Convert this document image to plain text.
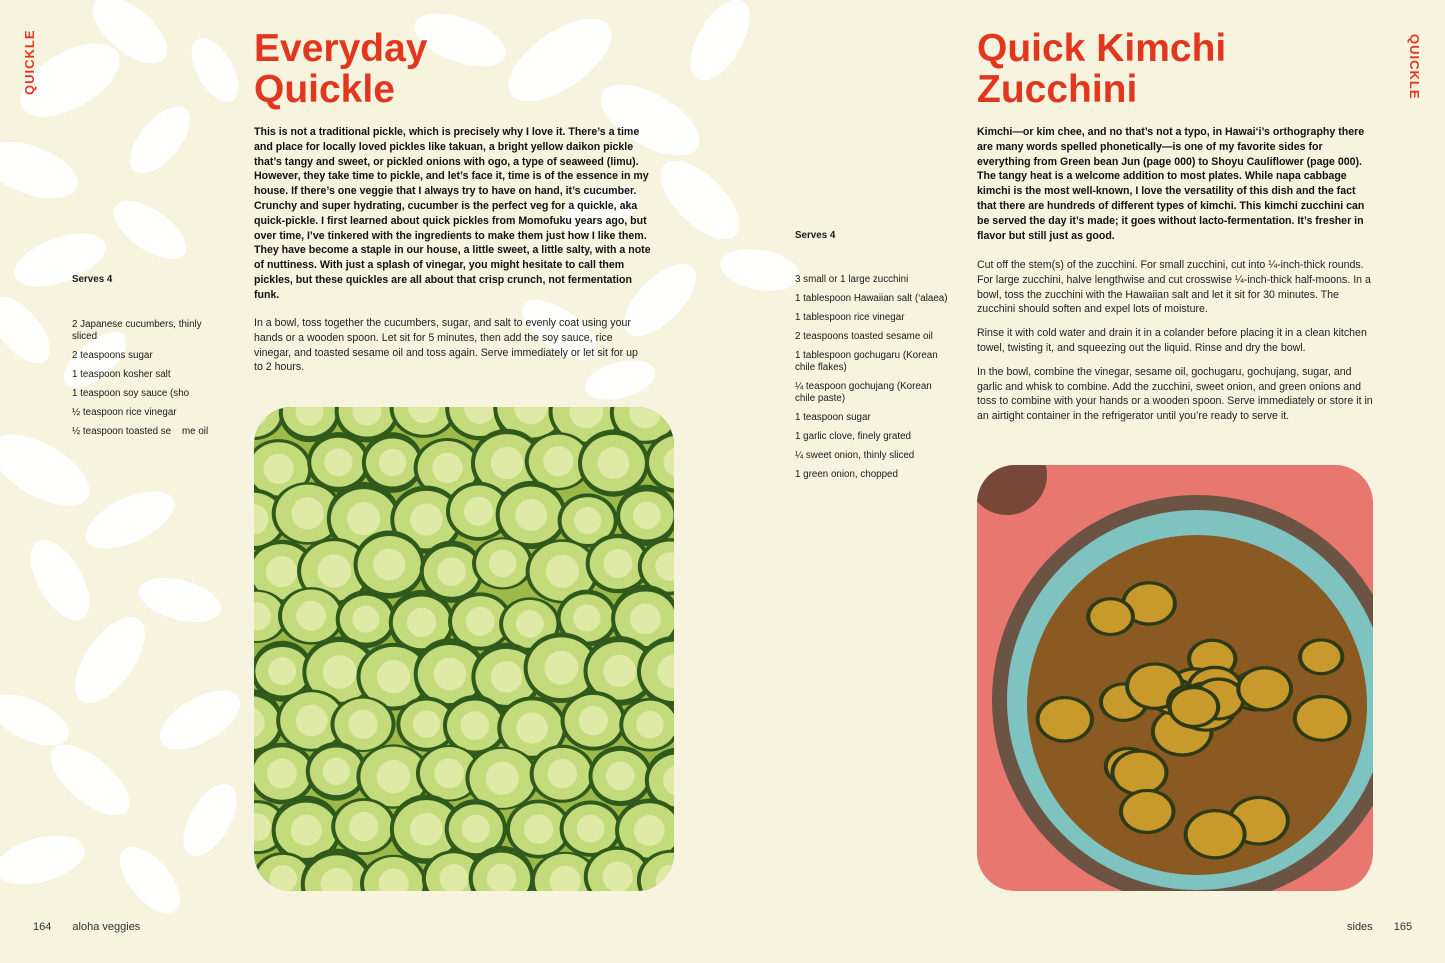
QUICKLE	Everyday
Quickle

This is not a traditional pickle, which is precisely why I love it. There’s a time and place for locally loved pickles like takuan, a bright yellow daikon pickle that’s tangy and sweet, or pickled onions with ogo, a type of seaweed (limu). However, they take time to pickle, and let’s face it, time is of the essence in my house. If there’s one veggie that I always try to have on hand, it’s cucumber. Crunchy and super hydrating, cucumber is the perfect veg for a quickle, aka quick-pickle. I first learned about quick pickles from Momofuku years ago, but over time, I’ve tinkered with the ingredients to make them just how I like them. They have become a staple in our house, a little sweet, a little salty, with a note of nuttiness. With just a splash of vinegar, you might hesitate to call them pickles, but these quickles are all about that crisp crunch, not fermentation funk.

Serves 4
2 Japanese cucumbers, thinly sliced
2 teaspoons sugar
1 teaspoon kosher salt
1 teaspoon soy sauce (sho
½ teaspoon rice vinegar
½ teaspoon toasted se    me oil

In a bowl, toss together the cucumbers, sugar, and salt to evenly coat using your hands or a wooden spoon. Let sit for 5 minutes, then add the soy sauce, rice vinegar, and toasted sesame oil and toss again. Serve immediately or let sit for up to 2 hours.

164 aloha veggies
QUICKLE
Quick Kimchi
Zucchini

Kimchi—or kim chee, and no that’s not a typo, in Hawai‘i’s orthography there are many words spelled phonetically—is one of my favorite sides for everything from Green bean Jun (page 000) to Shoyu Cauliflower (page 000). The tangy heat is a welcome addition to most plates. While napa cabbage kimchi is the most well-known, I love the versatility of this dish and the fact that there are hundreds of different types of kimchi. This kimchi zucchini can be served the day it’s made; it goes without lacto-fermentation. It’s fresher in flavor but still just as good.

Serves 4
3 small or 1 large zucchini
1 tablespoon Hawaiian salt (‘alaea)
1 tablespoon rice vinegar
2 teaspoons toasted sesame oil
1 tablespoon gochugaru (Korean chile flakes)
¼ teaspoon gochujang (Korean chile paste)
1 teaspoon sugar
1 garlic clove, finely grated
¼ sweet onion, thinly sliced
1 green onion, chopped

Cut off the stem(s) of the zucchini. For small zucchini, cut into ¼-inch-thick rounds. For large zucchini, halve lengthwise and cut crosswise ¼-inch-thick half-moons. In a bowl, toss the zucchini with the Hawaiian salt and let it sit for 30 minutes. The zucchini should soften and expel lots of moisture.

Rinse it with cold water and drain it in a colander before placing it in a clean kitchen towel, twisting it, and squeezing out the liquid. Rinse and dry the bowl.

In the bowl, combine the vinegar, sesame oil, gochugaru, gochujang, sugar, and garlic and whisk to combine. Add the zucchini, sweet onion, and green onions and toss to combine with your hands or a wooden spoon. Serve immediately or store it in an airtight container in the refrigerator until you’re ready to serve it.

sides 165
